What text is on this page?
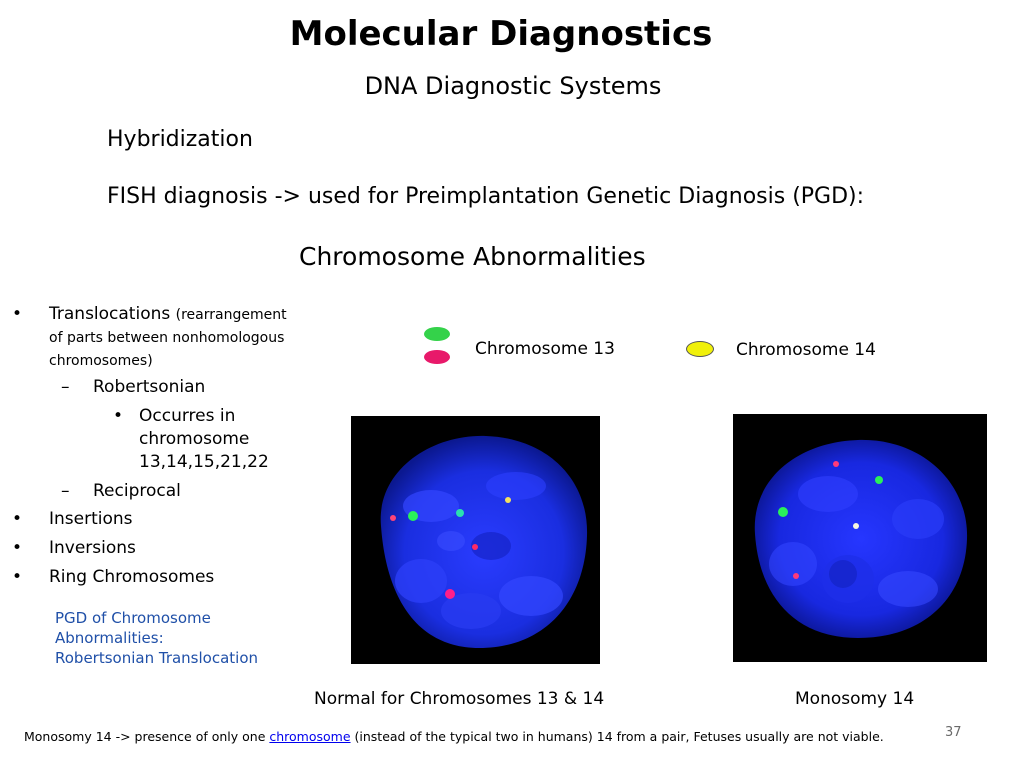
Molecular Diagnostics
DNA Diagnostic Systems
Hybridization
FISH diagnosis -> used for Preimplantation Genetic Diagnosis (PGD):
Chromosome Abnormalities
• Translocations (rearrangement
of parts between nonhomologous
chromosomes)
– Robertsonian
• Occurres in chromosome 13,14,15,21,22
– Reciprocal
• Insertions
• Inversions
• Ring Chromosomes
PGD of Chromosome
Abnormalities:
Robertsonian Translocation
Chromosome 13	Chromosome 14
Normal for Chromosomes 13 & 14	Monosomy 14
37
Monosomy 14 -> presence of only one chromosome (instead of the typical two in humans) 14 from a pair, Fetuses usually are not viable.
